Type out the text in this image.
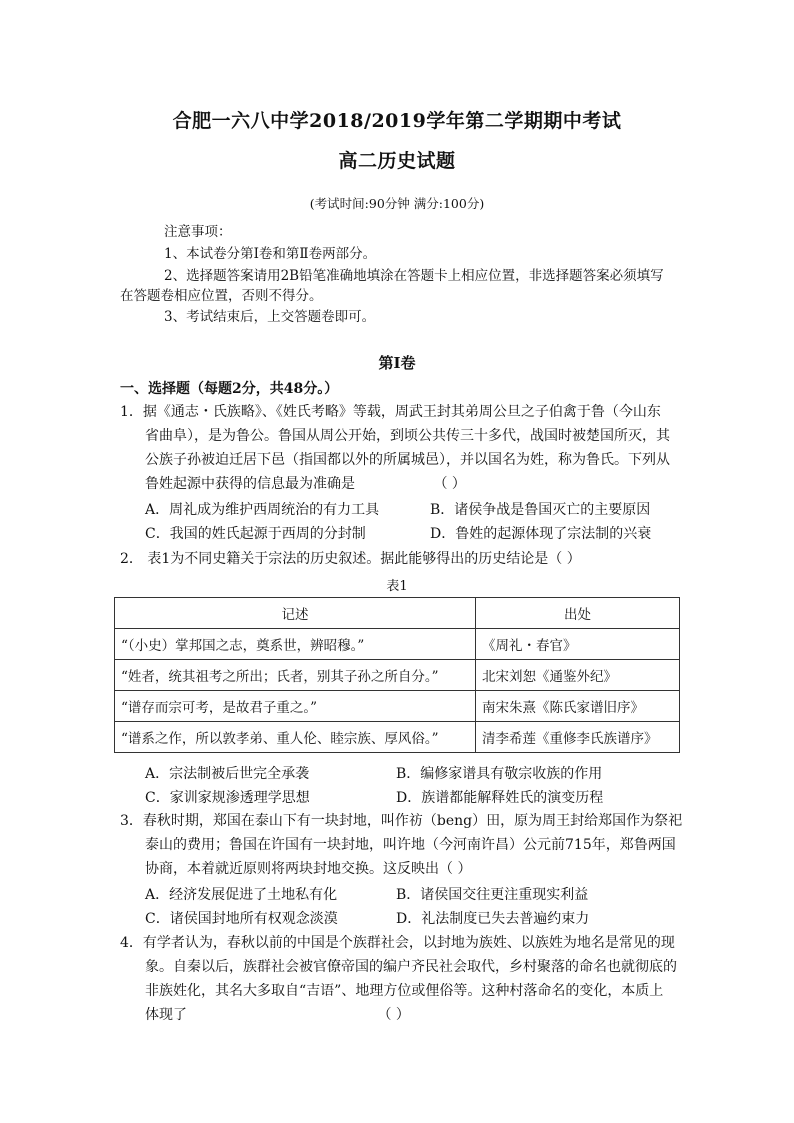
合肥一六八中学2018/2019学年第二学期期中考试
高二历史试题
(考试时间:90分钟 满分:100分)
注意事项：
1、本试卷分第Ⅰ卷和第Ⅱ卷两部分。
2、选择题答案请用2B铅笔准确地填涂在答题卡上相应位置，非选择题答案必须填写
在答题卷相应位置，否则不得分。
3、考试结束后，上交答题卷即可。
第Ⅰ卷
一、选择题（每题2分，共48分。）
1．据《通志・氏族略》、《姓氏考略》等载，周武王封其弟周公旦之子伯禽于鲁（今山东
省曲阜），是为鲁公。鲁国从周公开始，到顷公共传三十多代，战国时被楚国所灭，其
公族子孙被迫迁居下邑（指国都以外的所属城邑），并以国名为姓，称为鲁氏。下列从
鲁姓起源中获得的信息最为准确是	（ ）
A．周礼成为维护西周统治的有力工具	B．诸侯争战是鲁国灭亡的主要原因
C．我国的姓氏起源于西周的分封制	D．鲁姓的起源体现了宗法制的兴衰
2． 表1为不同史籍关于宗法的历史叙述。据此能够得出的历史结论是（ ）
表1
记述	出处
“（小史）掌邦国之志，奠系世，辨昭穆。”	《周礼・春官》
“姓者，统其祖考之所出；氏者，别其子孙之所自分。”	北宋刘恕《通鉴外纪》
“谱存而宗可考，是故君子重之。”	南宋朱熹《陈氏家谱旧序》
“谱系之作，所以敦孝弟、重人伦、睦宗族、厚风俗。”	清李希莲《重修李氏族谱序》
A．宗法制被后世完全承袭	B．编修家谱具有敬宗收族的作用
C．家训家规渗透理学思想	D．族谱都能解释姓氏的演变历程
3．春秋时期，郑国在泰山下有一块封地，叫作祊（beng）田，原为周王封给郑国作为祭祀
泰山的费用；鲁国在许国有一块封地，叫许地（今河南许昌）公元前715年，郑鲁两国
协商，本着就近原则将两块封地交换。这反映出（ ）
A．经济发展促进了土地私有化	B．诸侯国交往更注重现实利益
C．诸侯国封地所有权观念淡漠	D．礼法制度已失去普遍约束力
4．有学者认为，春秋以前的中国是个族群社会，以封地为族姓、以族姓为地名是常见的现
象。自秦以后，族群社会被官僚帝国的编户齐民社会取代，乡村聚落的命名也就彻底的
非族姓化，其名大多取自“吉语”、地理方位或俚俗等。这种村落命名的变化，本质上
体现了	（ ）
